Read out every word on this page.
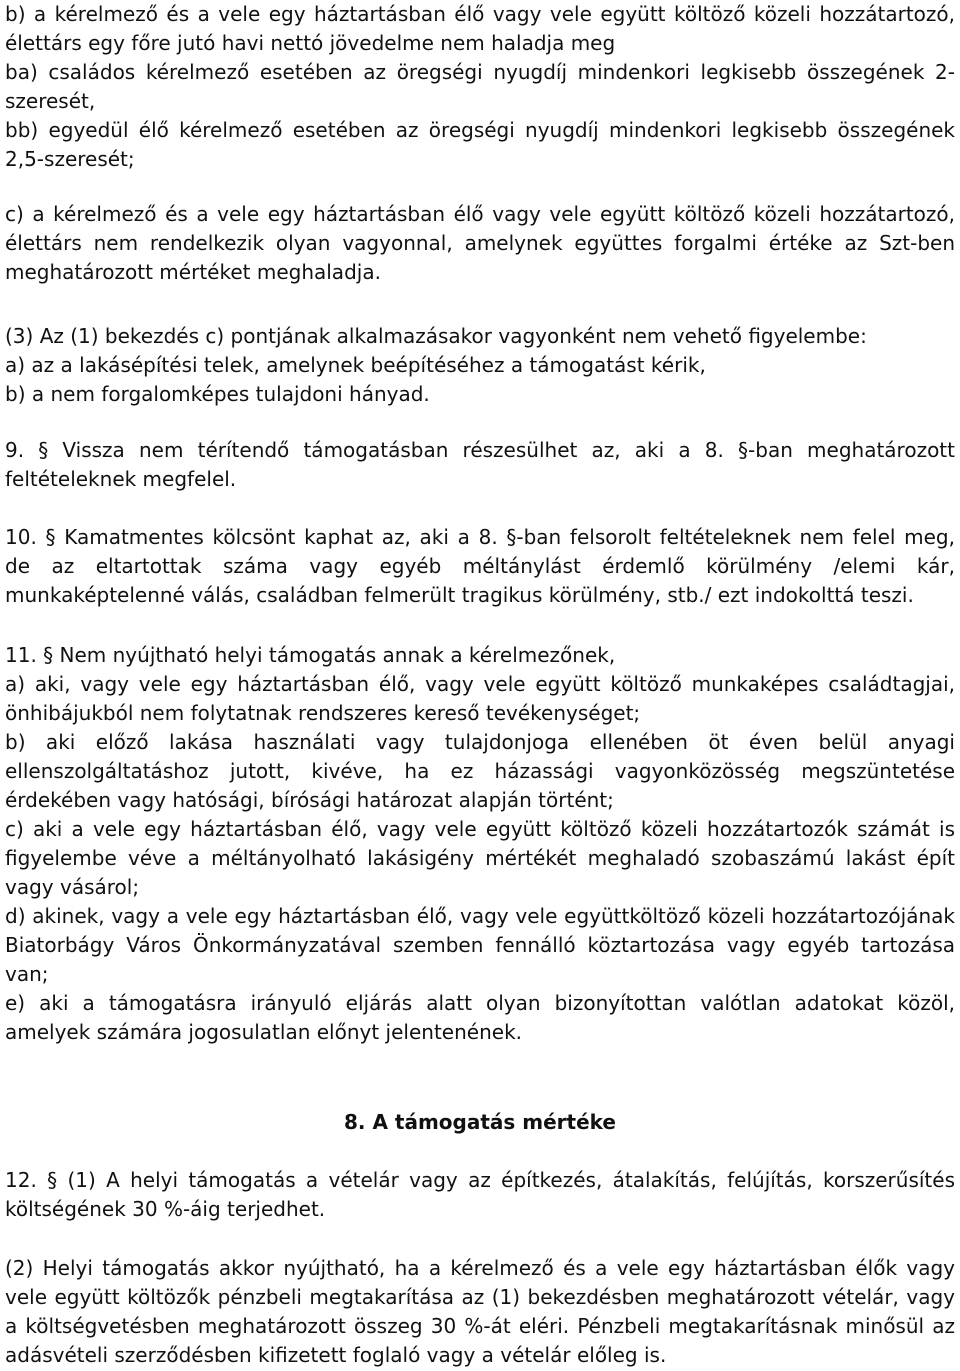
b) a kérelmező és a vele egy háztartásban élő vagy vele együtt költöző közeli hozzátartozó,
élettárs egy főre jutó havi nettó jövedelme nem haladja meg
ba) családos kérelmező esetében az öregségi nyugdíj mindenkori legkisebb összegének 2-
szeresét,
bb) egyedül élő kérelmező esetében az öregségi nyugdíj mindenkori legkisebb összegének
2,5-szeresét;
c) a kérelmező és a vele egy háztartásban élő vagy vele együtt költöző közeli hozzátartozó,
élettárs nem rendelkezik olyan vagyonnal, amelynek együttes forgalmi értéke az Szt-ben
meghatározott mértéket meghaladja.
(3) Az (1) bekezdés c) pontjának alkalmazásakor vagyonként nem vehető figyelembe:
a) az a lakásépítési telek, amelynek beépítéséhez a támogatást kérik,
b) a nem forgalomképes tulajdoni hányad.
9. § Vissza nem térítendő támogatásban részesülhet az, aki a 8. §-ban meghatározott
feltételeknek megfelel.
10. § Kamatmentes kölcsönt kaphat az, aki a 8. §-ban felsorolt feltételeknek nem felel meg,
de az eltartottak száma vagy egyéb méltánylást érdemlő körülmény /elemi kár,
munkaképtelenné válás, családban felmerült tragikus körülmény, stb./ ezt indokolttá teszi.
11. § Nem nyújtható helyi támogatás annak a kérelmezőnek,
a) aki, vagy vele egy háztartásban élő, vagy vele együtt költöző munkaképes családtagjai,
önhibájukból nem folytatnak rendszeres kereső tevékenységet;
b) aki előző lakása használati vagy tulajdonjoga ellenében öt éven belül anyagi
ellenszolgáltatáshoz jutott, kivéve, ha ez házassági vagyonközösség megszüntetése
érdekében vagy hatósági, bírósági határozat alapján történt;
c) aki a vele egy háztartásban élő, vagy vele együtt költöző közeli hozzátartozók számát is
figyelembe véve a méltányolható lakásigény mértékét meghaladó szobaszámú lakást épít
vagy vásárol;
d) akinek, vagy a vele egy háztartásban élő, vagy vele együttköltöző közeli hozzátartozójának
Biatorbágy Város Önkormányzatával szemben fennálló köztartozása vagy egyéb tartozása
van;
e) aki a támogatásra irányuló eljárás alatt olyan bizonyítottan valótlan adatokat közöl,
amelyek számára jogosulatlan előnyt jelentenének.
8. A támogatás mértéke
12. § (1) A helyi támogatás a vételár vagy az építkezés, átalakítás, felújítás, korszerűsítés
költségének 30 %-áig terjedhet.
(2) Helyi támogatás akkor nyújtható, ha a kérelmező és a vele egy háztartásban élők vagy
vele együtt költözők pénzbeli megtakarítása az (1) bekezdésben meghatározott vételár, vagy
a költségvetésben meghatározott összeg 30 %-át eléri. Pénzbeli megtakarításnak minősül az
adásvételi szerződésben kifizetett foglaló vagy a vételár előleg is.
